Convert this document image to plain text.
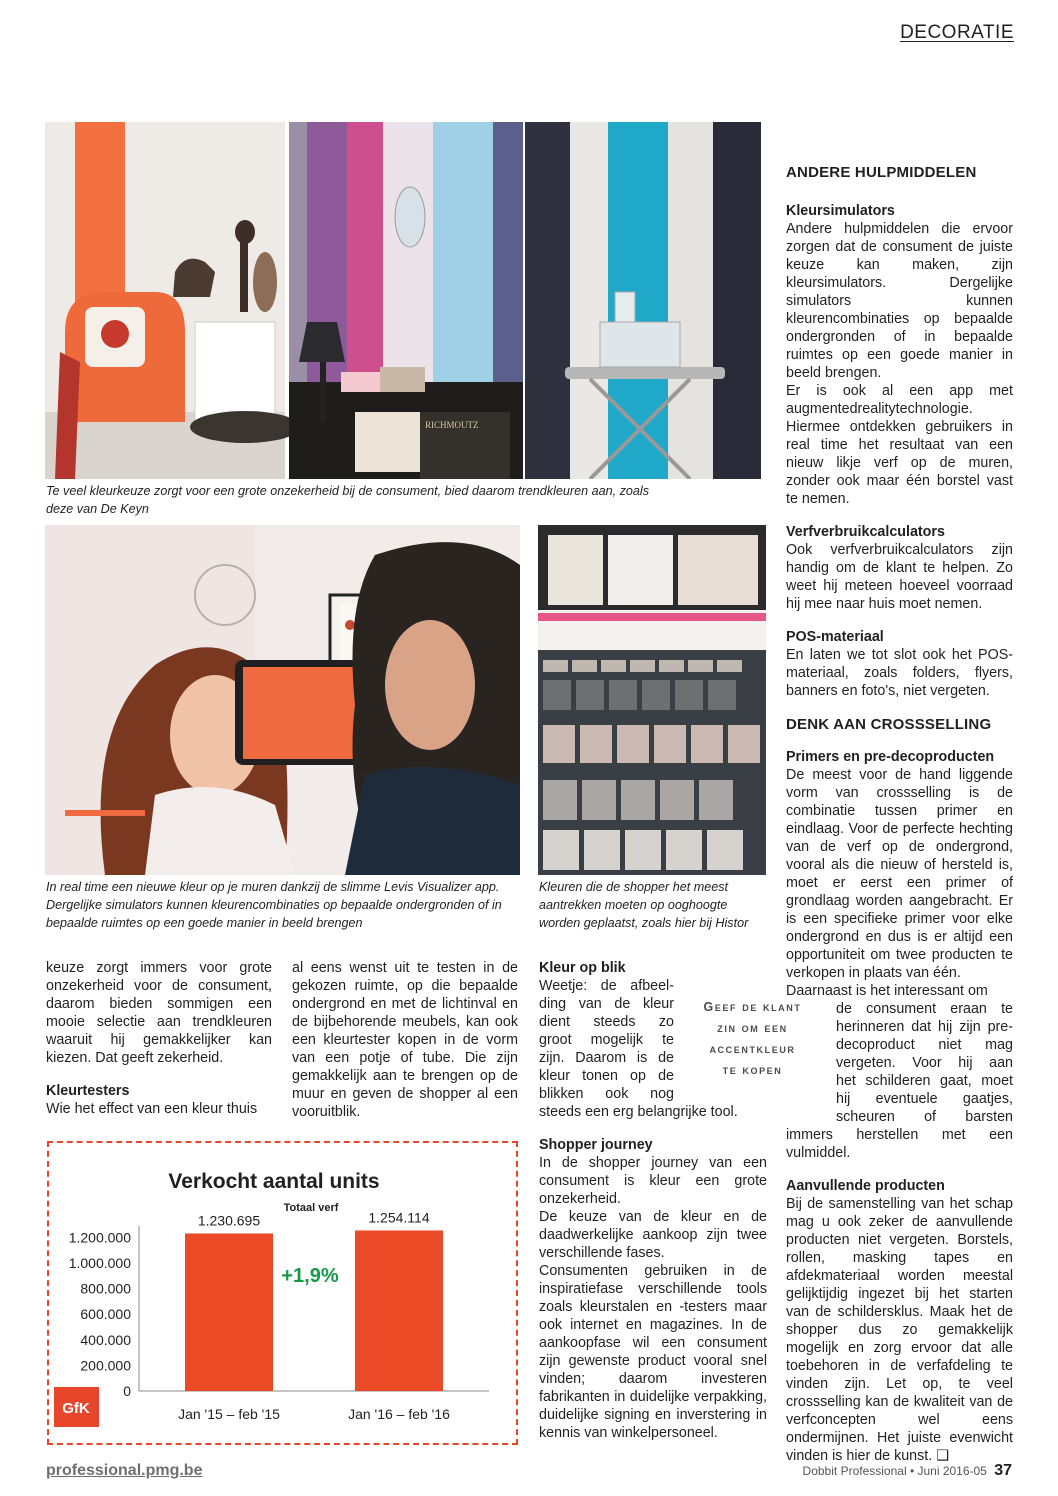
DECORATIE
RICHMOUTZ
Te veel kleurkeuze zorgt voor een grote onzekerheid bij de consument, bied daarom trendkleuren aan, zoals deze van De Keyn
In real time een nieuwe kleur op je muren dankzij de slimme Levis Visualizer app. Dergelijke simulators kunnen kleurencombinaties op bepaalde ondergronden of in bepaalde ruimtes op een goede manier in beeld brengen
Kleuren die de shopper het meest aantrekken moeten op ooghoogte worden geplaatst, zoals hier bij Histor

keuze zorgt immers voor grote onzekerheid voor de consument, daarom bieden sommigen een mooie selectie aan trendkleuren waaruit hij gemakkelijker kan kiezen. Dat geeft zekerheid.

Kleurtesters

Wie het effect van een kleur thuis

al eens wenst uit te testen in de gekozen ruimte, op die bepaalde ondergrond en met de lichtinval en de bijbehorende meubels, kan ook een kleurtester kopen in de vorm van een potje of tube. Die zijn gemakkelijk aan te brengen op de muur en geven de shopper al een vooruitblik.

Kleur op blik
Weetje: de afbeel-
ding van de kleur
dient steeds zo
groot mogelijk te
zijn. Daarom is de
kleur tonen op de
blikken ook nog

steeds een erg belangrijke tool.

Shopper journey

In de shopper journey van een consument is kleur een grote onzekerheid.

De keuze van de kleur en de daadwerkelijke aankoop zijn twee verschillende fases.

Consumenten gebruiken in de inspiratiefase verschillende tools zoals kleurstalen en -testers maar ook internet en magazines. In de aankoopfase wil een consument zijn gewenste product vooral snel vinden; daarom investeren fabrikanten in duidelijke verpakking, duidelijke signing en inverstering in kennis van winkelpersoneel.

Geef de klant
zin om een
accentkleur
te kopen
ANDERE HULPMIDDELEN
Kleursimulators

Andere hulpmiddelen die ervoor zorgen dat de consument de juiste keuze kan maken, zijn kleursimulators. Dergelijke simulators kunnen kleurencombinaties op bepaalde ondergronden of in bepaalde ruimtes op een goede manier in beeld brengen.

Er is ook al een app met augmentedrealitytechnologie. Hiermee ontdekken gebruikers in real time het resultaat van een nieuw likje verf op de muren, zonder ook maar één borstel vast te nemen.

Verfverbruikcalculators

Ook verfverbruikcalculators zijn handig om de klant te helpen. Zo weet hij meteen hoeveel voorraad hij mee naar huis moet nemen.

POS-materiaal

En laten we tot slot ook het POS-materiaal, zoals folders, flyers, banners en foto's, niet vergeten.

DENK AAN CROSSSELLING
Primers en pre-decoproducten

De meest voor de hand liggende vorm van crossselling is de combinatie tussen primer en eindlaag. Voor de perfecte hechting van de verf op de ondergrond, vooral als die nieuw of hersteld is, moet er eerst een primer of grondlaag worden aangebracht. Er is een specifieke primer voor elke ondergrond en dus is er altijd een opportuniteit om twee producten te verkopen in plaats van één.

Daarnaast is het interessant om

de consument eraan te
herinneren dat hij zijn pre-
decoproduct niet mag
vergeten. Voor hij aan
het schilderen gaat, moet
hij eventuele gaatjes,
scheuren of barsten

immers herstellen met een vulmiddel.

Aanvullende producten

Bij de samenstelling van het schap mag u ook zeker de aanvullende producten niet vergeten. Borstels, rollen, masking tapes en afdekmateriaal worden meestal gelijktijdig ingezet bij het starten van de schildersklus. Maak het de shopper dus zo gemakkelijk mogelijk en zorg ervoor dat alle toebehoren in de verfafdeling te vinden zijn. Let op, te veel crossselling kan de kwaliteit van de verfconcepten wel eens ondermijnen. Het juiste evenwicht vinden is hier de kunst. ❑

Verkocht aantal units
Totaal verf
0
200.000
400.000
600.000
800.000
1.000.000
1.200.000
1.230.695
Jan '15 – feb '15
1.254.114
Jan '16 – feb '16
+1,9%
GfK
professional.pmg.be	Dobbit Professional • Juni 2016-05 37
